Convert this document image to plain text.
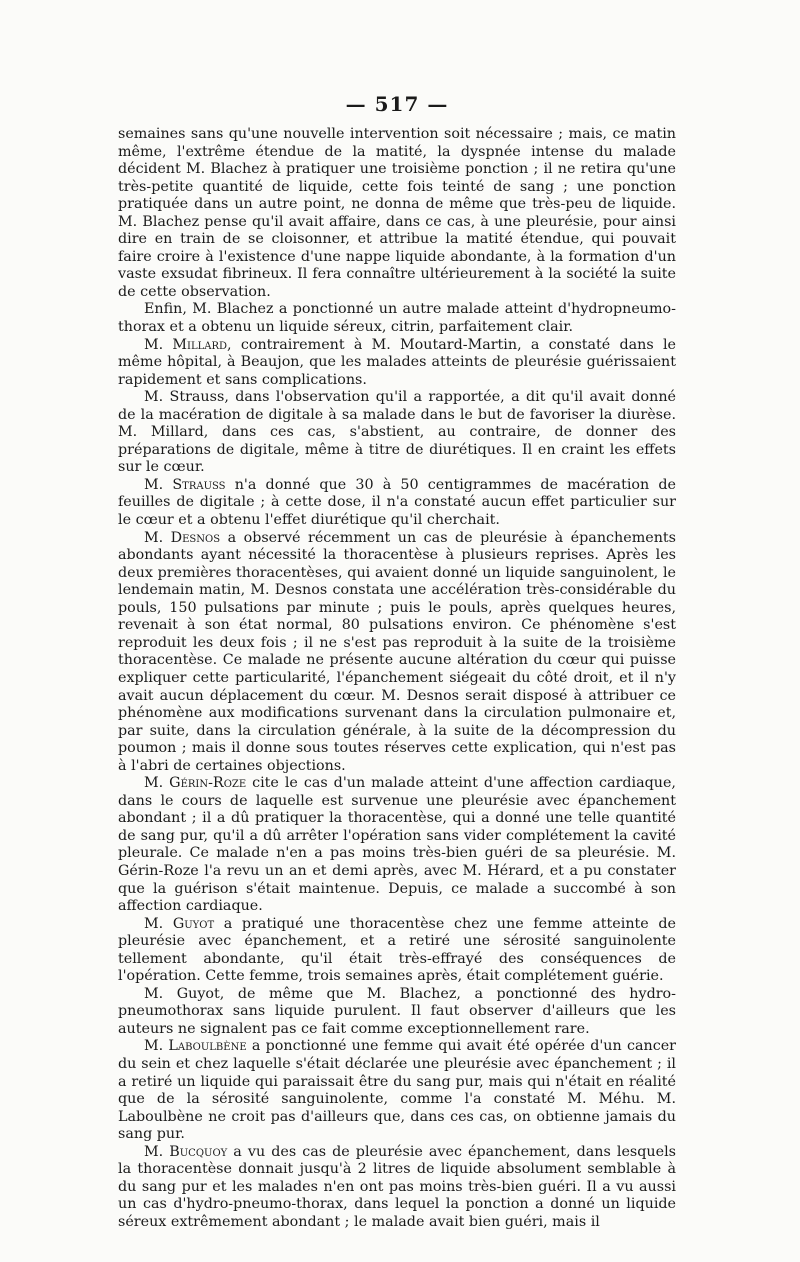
— 517 —

semaines sans qu'une nouvelle intervention soit nécessaire ; mais, ce matin même, l'extrême étendue de la matité, la dyspnée intense du malade décident M. Blachez à pratiquer une troisième ponction ; il ne retira qu'une très-petite quantité de liquide, cette fois teinté de sang ; une ponction pratiquée dans un autre point, ne donna de même que très-peu de liquide. M. Blachez pense qu'il avait affaire, dans ce cas, à une pleurésie, pour ainsi dire en train de se cloisonner, et attribue la matité étendue, qui pouvait faire croire à l'existence d'une nappe liquide abondante, à la formation d'un vaste exsudat fibrineux. Il fera connaître ultérieurement à la société la suite de cette observation.

Enfin, M. Blachez a ponctionné un autre malade atteint d'hydropneumo-thorax et a obtenu un liquide séreux, citrin, parfaitement clair.

M. Millard, contrairement à M. Moutard-Martin, a constaté dans le même hôpital, à Beaujon, que les malades atteints de pleurésie guérissaient rapidement et sans complications.

M. Strauss, dans l'observation qu'il a rapportée, a dit qu'il avait donné de la macération de digitale à sa malade dans le but de favoriser la diurèse. M. Millard, dans ces cas, s'abstient, au contraire, de donner des préparations de digitale, même à titre de diurétiques. Il en craint les effets sur le cœur.

M. Strauss n'a donné que 30 à 50 centigrammes de macération de feuilles de digitale ; à cette dose, il n'a constaté aucun effet particulier sur le cœur et a obtenu l'effet diurétique qu'il cherchait.

M. Desnos a observé récemment un cas de pleurésie à épanchements abondants ayant nécessité la thoracentèse à plusieurs reprises. Après les deux premières thoracentèses, qui avaient donné un liquide sanguinolent, le lendemain matin, M. Desnos constata une accélération très-considérable du pouls, 150 pulsations par minute ; puis le pouls, après quelques heures, revenait à son état normal, 80 pulsations environ. Ce phénomène s'est reproduit les deux fois ; il ne s'est pas reproduit à la suite de la troisième thoracentèse. Ce malade ne présente aucune altération du cœur qui puisse expliquer cette particularité, l'épanchement siégeait du côté droit, et il n'y avait aucun déplacement du cœur. M. Desnos serait disposé à attribuer ce phénomène aux modifications survenant dans la circulation pulmonaire et, par suite, dans la circulation générale, à la suite de la décompression du poumon ; mais il donne sous toutes réserves cette explication, qui n'est pas à l'abri de certaines objections.

M. Gérin-Roze cite le cas d'un malade atteint d'une affection cardiaque, dans le cours de laquelle est survenue une pleurésie avec épanchement abondant ; il a dû pratiquer la thoracentèse, qui a donné une telle quantité de sang pur, qu'il a dû arrêter l'opération sans vider complétement la cavité pleurale. Ce malade n'en a pas moins très-bien guéri de sa pleurésie. M. Gérin-Roze l'a revu un an et demi après, avec M. Hérard, et a pu constater que la guérison s'était maintenue. Depuis, ce malade a succombé à son affection cardiaque.

M. Guyot a pratiqué une thoracentèse chez une femme atteinte de pleurésie avec épanchement, et a retiré une sérosité sanguinolente tellement abondante, qu'il était très-effrayé des conséquences de l'opération. Cette femme, trois semaines après, était complétement guérie.

M. Guyot, de même que M. Blachez, a ponctionné des hydro-pneumothorax sans liquide purulent. Il faut observer d'ailleurs que les auteurs ne signalent pas ce fait comme exceptionnellement rare.

M. Laboulbène a ponctionné une femme qui avait été opérée d'un cancer du sein et chez laquelle s'était déclarée une pleurésie avec épanchement ; il a retiré un liquide qui paraissait être du sang pur, mais qui n'était en réalité que de la sérosité sanguinolente, comme l'a constaté M. Méhu. M. Laboulbène ne croit pas d'ailleurs que, dans ces cas, on obtienne jamais du sang pur.

M. Bucquoy a vu des cas de pleurésie avec épanchement, dans lesquels la thoracentèse donnait jusqu'à 2 litres de liquide absolument semblable à du sang pur et les malades n'en ont pas moins très-bien guéri. Il a vu aussi un cas d'hydro-pneumo-thorax, dans lequel la ponction a donné un liquide séreux extrêmement abondant ; le malade avait bien guéri, mais il
